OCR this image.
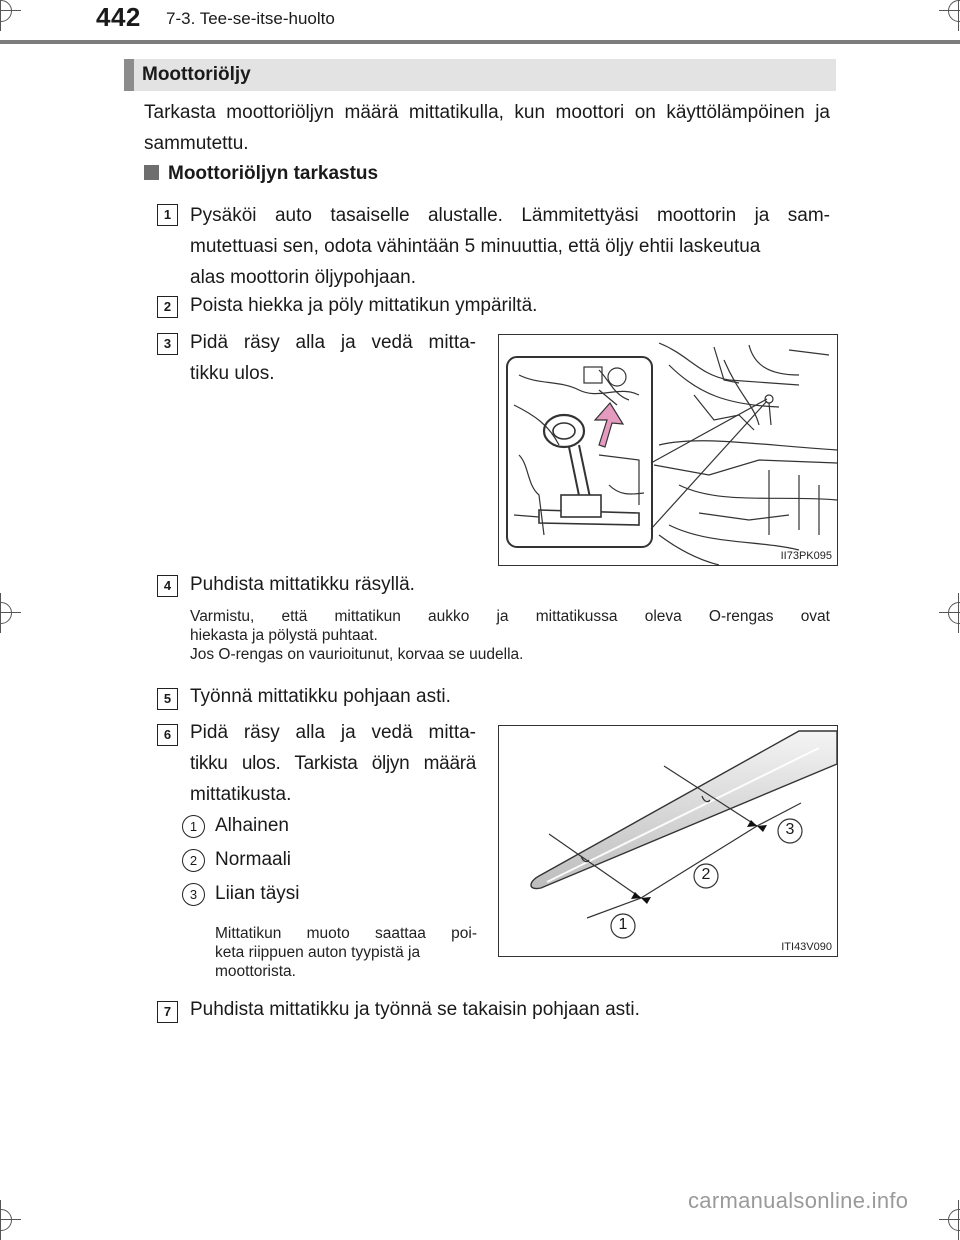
442 7-3. Tee-se-itse-huolto
Moottoriöljy
Tarkasta moottoriöljyn määrä mittatikulla, kun moottori on käyttölämpöinen ja sammutettu.
Moottoriöljyn tarkastus
1 Pysäköi auto tasaiselle alustalle. Lämmitettyäsi moottorin ja sam-
mutettuasi sen, odota vähintään 5 minuuttia, että öljy ehtii laskeutua
alas moottorin öljypohjaan.
2 Poista hiekka ja pöly mittatikun ympäriltä.
3 Pidä räsy alla ja vedä mitta-
tikku ulos.
II73PK095
4 Puhdista mittatikku räsyllä.
Varmistu, että mittatikun aukko ja mittatikussa oleva O-rengas ovat
hiekasta ja pölystä puhtaat.
Jos O-rengas on vaurioitunut, korvaa se uudella.
5 Työnnä mittatikku pohjaan asti.
6 Pidä räsy alla ja vedä mitta-
tikku ulos. Tarkista öljyn määrä
mittatikusta.
1 Alhainen
2 Normaali
3 Liian täysi
Mittatikun muoto saattaa poi-
keta riippuen auton tyypistä ja
moottorista.
1
2
3
ITI43V090
7 Puhdista mittatikku ja työnnä se takaisin pohjaan asti.
carmanualsonline.info
